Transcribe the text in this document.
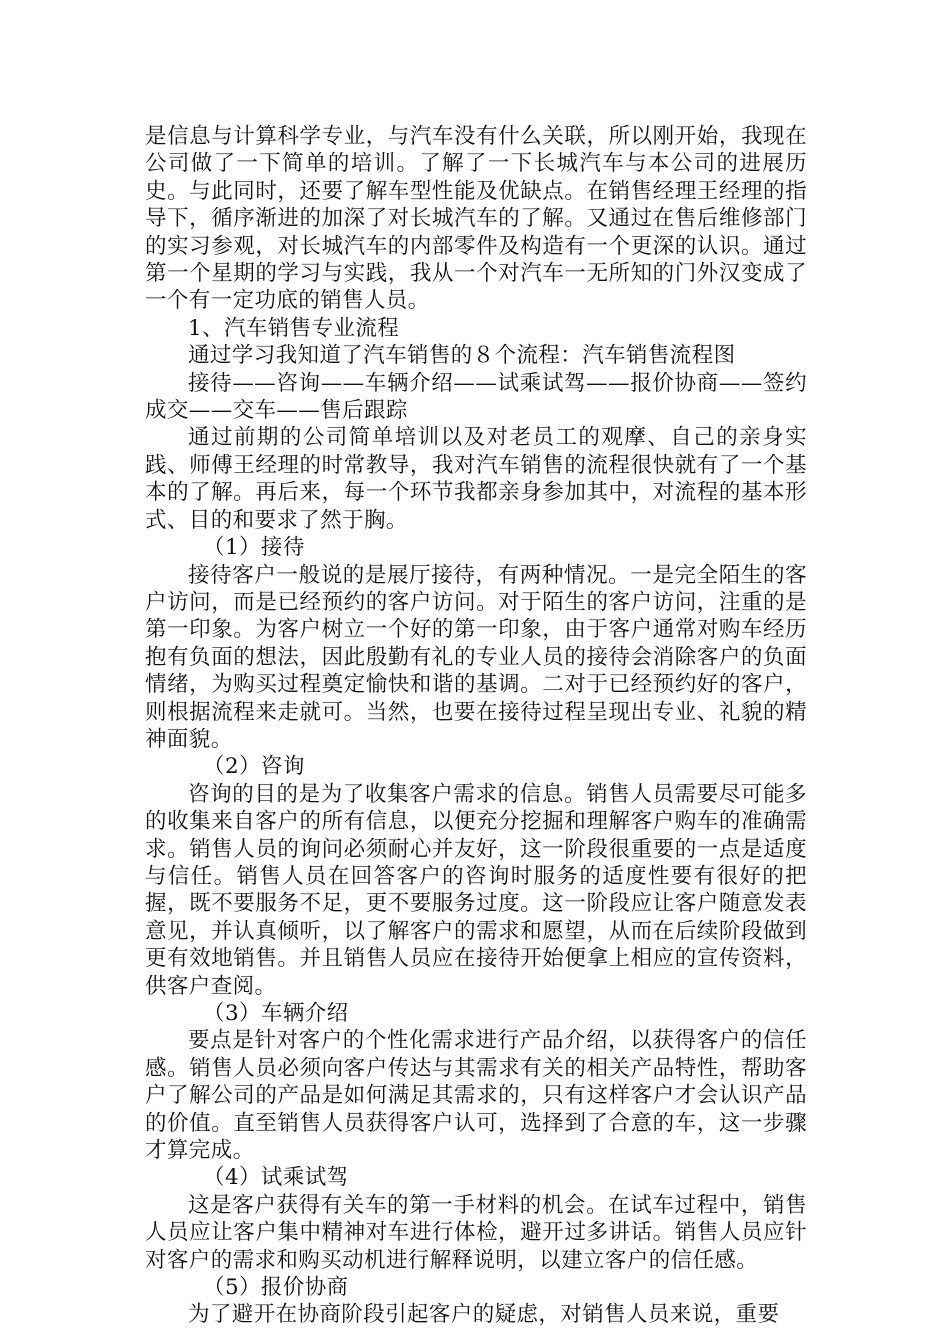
是信息与计算科学专业，与汽车没有什么关联，所以刚开始，我现在公司做了一下简单的培训。了解了一下长城汽车与本公司的进展历史。与此同时，还要了解车型性能及优缺点。在销售经理王经理的指导下，循序渐进的加深了对长城汽车的了解。又通过在售后维修部门的实习参观，对长城汽车的内部零件及构造有一个更深的认识。通过第一个星期的学习与实践，我从一个对汽车一无所知的门外汉变成了一个有一定功底的销售人员。

1、汽车销售专业流程

通过学习我知道了汽车销售的８个流程：汽车销售流程图

接待——咨询——车辆介绍——试乘试驾——报价协商——签约成交——交车——售后跟踪

通过前期的公司简单培训以及对老员工的观摩、自己的亲身实践、师傅王经理的时常教导，我对汽车销售的流程很快就有了一个基本的了解。再后来，每一个环节我都亲身参加其中，对流程的基本形式、目的和要求了然于胸。

（1）接待

接待客户一般说的是展厅接待，有两种情况。一是完全陌生的客户访问，而是已经预约的客户访问。对于陌生的客户访问，注重的是第一印象。为客户树立一个好的第一印象，由于客户通常对购车经历抱有负面的想法，因此殷勤有礼的专业人员的接待会消除客户的负面情绪，为购买过程奠定愉快和谐的基调。二对于已经预约好的客户，则根据流程来走就可。当然，也要在接待过程呈现出专业、礼貌的精神面貌。

（2）咨询

咨询的目的是为了收集客户需求的信息。销售人员需要尽可能多的收集来自客户的所有信息，以便充分挖掘和理解客户购车的准确需求。销售人员的询问必须耐心并友好，这一阶段很重要的一点是适度与信任。销售人员在回答客户的咨询时服务的适度性要有很好的把握，既不要服务不足，更不要服务过度。这一阶段应让客户随意发表意见，并认真倾听，以了解客户的需求和愿望，从而在后续阶段做到更有效地销售。并且销售人员应在接待开始便拿上相应的宣传资料，供客户查阅。

（3）车辆介绍

要点是针对客户的个性化需求进行产品介绍，以获得客户的信任感。销售人员必须向客户传达与其需求有关的相关产品特性，帮助客户了解公司的产品是如何满足其需求的，只有这样客户才会认识产品的价值。直至销售人员获得客户认可，选择到了合意的车，这一步骤才算完成。

（4）试乘试驾

这是客户获得有关车的第一手材料的机会。在试车过程中，销售人员应让客户集中精神对车进行体检，避开过多讲话。销售人员应针对客户的需求和购买动机进行解释说明，以建立客户的信任感。

（5）报价协商

为了避开在协商阶段引起客户的疑虑，对销售人员来说，重要
